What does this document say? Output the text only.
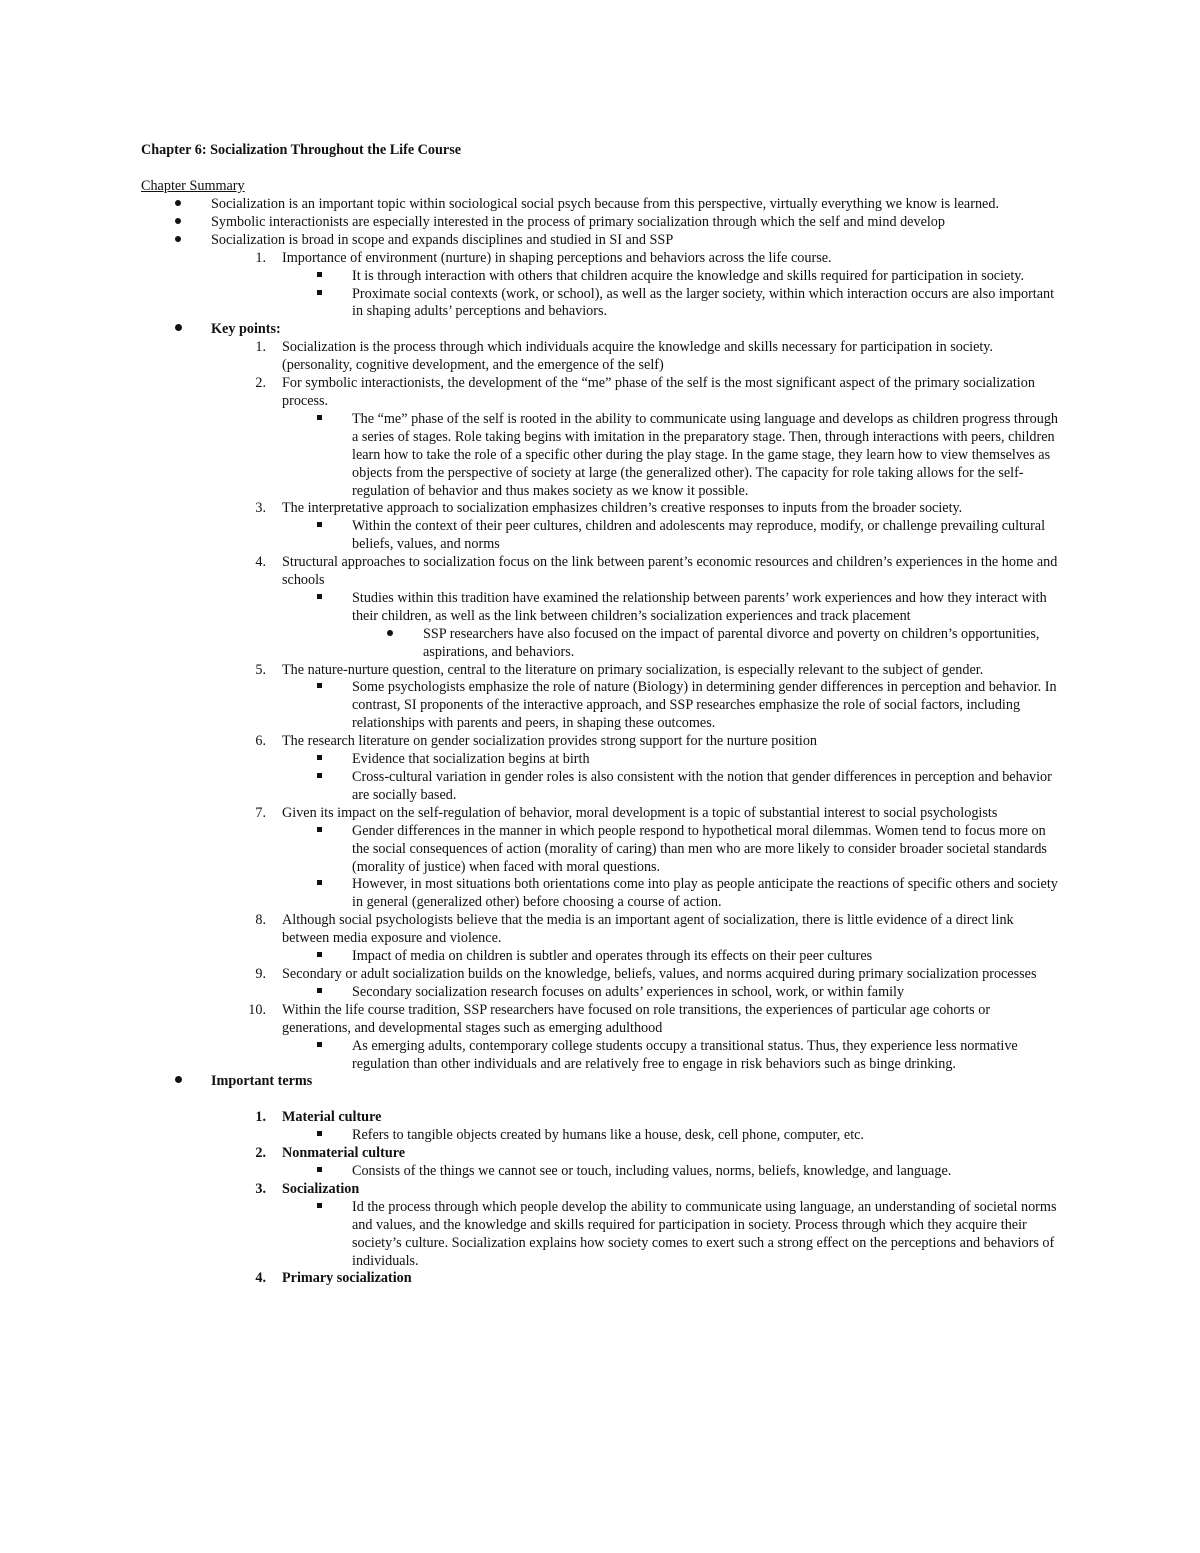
Chapter 6: Socialization Throughout the Life Course
Chapter Summary
Socialization is an important topic within sociological social psych because from this perspective, virtually everything we know is learned.
Symbolic interactionists are especially interested in the process of primary socialization through which the self and mind develop
Socialization is broad in scope and expands disciplines and studied in SI and SSP
1. Importance of environment (nurture) in shaping perceptions and behaviors across the life course.
It is through interaction with others that children acquire the knowledge and skills required for participation in society.
Proximate social contexts (work, or school), as well as the larger society, within which interaction occurs are also important in shaping adults’ perceptions and behaviors.
Key points:
1. Socialization is the process through which individuals acquire the knowledge and skills necessary for participation in society. (personality, cognitive development, and the emergence of the self)
2. For symbolic interactionists, the development of the “me” phase of the self is the most significant aspect of the primary socialization process.
The “me” phase of the self is rooted in the ability to communicate using language and develops as children progress through a series of stages. Role taking begins with imitation in the preparatory stage. Then, through interactions with peers, children learn how to take the role of a specific other during the play stage. In the game stage, they learn how to view themselves as objects from the perspective of society at large (the generalized other). The capacity for role taking allows for the self-regulation of behavior and thus makes society as we know it possible.
3. The interpretative approach to socialization emphasizes children’s creative responses to inputs from the broader society.
Within the context of their peer cultures, children and adolescents may reproduce, modify, or challenge prevailing cultural beliefs, values, and norms
4. Structural approaches to socialization focus on the link between parent’s economic resources and children’s experiences in the home and schools
Studies within this tradition have examined the relationship between parents’ work experiences and how they interact with their children, as well as the link between children’s socialization experiences and track placement
SSP researchers have also focused on the impact of parental divorce and poverty on children’s opportunities, aspirations, and behaviors.
5. The nature-nurture question, central to the literature on primary socialization, is especially relevant to the subject of gender.
Some psychologists emphasize the role of nature (Biology) in determining gender differences in perception and behavior. In contrast, SI proponents of the interactive approach, and SSP researches emphasize the role of social factors, including relationships with parents and peers, in shaping these outcomes.
6. The research literature on gender socialization provides strong support for the nurture position
Evidence that socialization begins at birth
Cross-cultural variation in gender roles is also consistent with the notion that gender differences in perception and behavior are socially based.
7. Given its impact on the self-regulation of behavior, moral development is a topic of substantial interest to social psychologists
Gender differences in the manner in which people respond to hypothetical moral dilemmas. Women tend to focus more on the social consequences of action (morality of caring) than men who are more likely to consider broader societal standards (morality of justice) when faced with moral questions.
However, in most situations both orientations come into play as people anticipate the reactions of specific others and society in general (generalized other) before choosing a course of action.
8. Although social psychologists believe that the media is an important agent of socialization, there is little evidence of a direct link between media exposure and violence.
Impact of media on children is subtler and operates through its effects on their peer cultures
9. Secondary or adult socialization builds on the knowledge, beliefs, values, and norms acquired during primary socialization processes
Secondary socialization research focuses on adults’ experiences in school, work, or within family
10. Within the life course tradition, SSP researchers have focused on role transitions, the experiences of particular age cohorts or generations, and developmental stages such as emerging adulthood
As emerging adults, contemporary college students occupy a transitional status. Thus, they experience less normative regulation than other individuals and are relatively free to engage in risk behaviors such as binge drinking.
Important terms
1. Material culture
Refers to tangible objects created by humans like a house, desk, cell phone, computer, etc.
2. Nonmaterial culture
Consists of the things we cannot see or touch, including values, norms, beliefs, knowledge, and language.
3. Socialization
Id the process through which people develop the ability to communicate using language, an understanding of societal norms and values, and the knowledge and skills required for participation in society. Process through which they acquire their society’s culture. Socialization explains how society comes to exert such a strong effect on the perceptions and behaviors of individuals.
4. Primary socialization
